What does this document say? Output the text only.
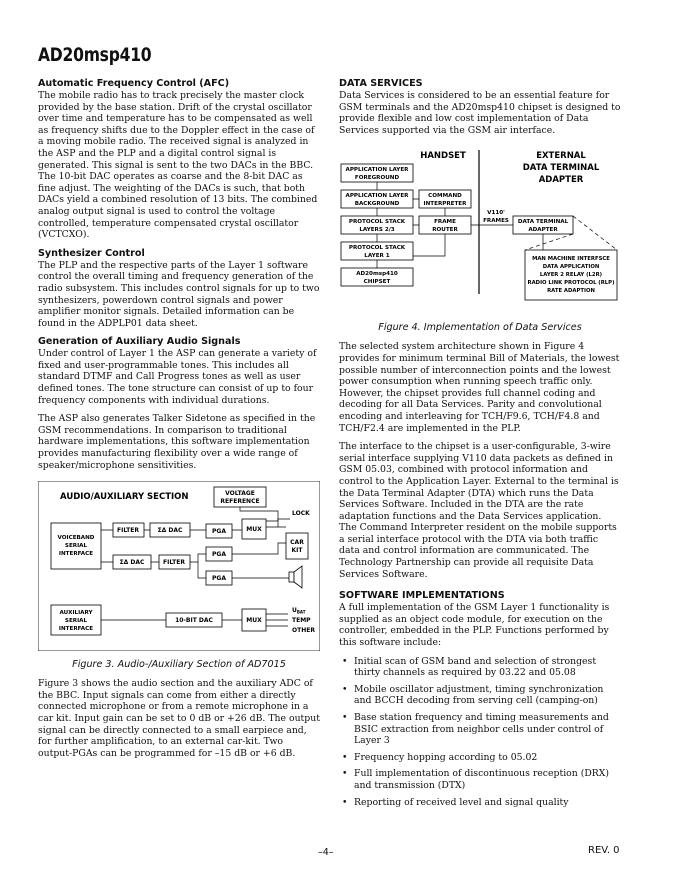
AD20msp410
Automatic Frequency Control (AFC)

The mobile radio has to track precisely the master clock provided by the base station. Drift of the crystal oscillator over time and temperature has to be compensated as well as frequency shifts due to the Doppler effect in the case of a moving mobile radio. The received signal is analyzed in the ASP and the PLP and a digital control signal is generated. This signal is sent to the two DACs in the BBC. The 10-bit DAC operates as coarse and the 8-bit DAC as fine adjust. The weighting of the DACs is such, that both DACs yield a combined resolution of 13 bits. The combined analog output signal is used to control the voltage controlled, temperature compensated crystal oscillator (VCTCXO).

Synthesizer Control

The PLP and the respective parts of the Layer 1 software control the overall timing and frequency generation of the radio subsystem. This includes control signals for up to two synthesizers, powerdown control signals and power amplifier monitor signals. Detailed information can be found in the ADPLP01 data sheet.

Generation of Auxiliary Audio Signals

Under control of Layer 1 the ASP can generate a variety of fixed and user-programmable tones. This includes all standard DTMF and Call Progress tones as well as user defined tones. The tone structure can consist of up to four frequency components with individual durations.

The ASP also generates Talker Sidetone as specified in the GSM recommendations. In comparison to traditional hardware implementations, this software implementation provides manufacturing flexibility over a wide range of speaker/microphone sensitivities.

AUDIO/AUXILIARY SECTION	VOLTAGE
REFERENCE
LOCK
VOICEBAND
SERIAL
INTERFACE
FILTER	ΣΔ DAC	PGA	MUX
ΣΔ DAC	FILTER
PGA
PGA
CAR
KIT
AUXILIARY
SERIAL
INTERFACE
10-BIT DAC	MUX
$U_{BAT}$
TEMP
OTHER
Figure 3. Audio-/Auxiliary Section of AD7015

Figure 3 shows the audio section and the auxiliary ADC of the BBC. Input signals can come from either a directly connected microphone or from a remote microphone in a car kit. Input gain can be set to 0 dB or +26 dB. The output signal can be directly connected to a small earpiece and, for further amplification, to an external car-kit. Two output-PGAs can be programmed for –15 dB or +6 dB.

DATA SERVICES

Data Services is considered to be an essential feature for GSM terminals and the AD20msp410 chipset is designed to provide flexible and low cost implementation of Data Services supported via the GSM air interface.

HANDSET	EXTERNAL
DATA TERMINAL
ADAPTER
APPLICATION LAYER
FOREGROUND
APPLICATION LAYER
BACKGROUND
COMMAND
INTERPRETER
PROTOCOL STACK
LAYERS 2/3
FRAME
ROUTER
V110'
FRAMES DATA TERMINAL
ADAPTER
PROTOCOL STACK
LAYER 1
AD20msp410
CHIPSET
MAN MACHINE INTERFSCE
DATA APPLICATION
LAYER 2 RELAY (L2R)
RADIO LINK PROTOCOL (RLP)
RATE ADAPTION
Figure 4. Implementation of Data Services

The selected system architecture shown in Figure 4 provides for minimum terminal Bill of Materials, the lowest possible number of interconnection points and the lowest power consumption when running speech traffic only. However, the chipset provides full channel coding and decoding for all Data Services. Parity and convolutional encoding and interleaving for TCH/F9.6, TCH/F4.8 and TCH/F2.4 are implemented in the PLP.

The interface to the chipset is a user-configurable, 3-wire serial interface supplying V110 data packets as defined in GSM 05.03, combined with protocol information and control to the Application Layer. External to the terminal is the Data Terminal Adapter (DTA) which runs the Data Services Software. Included in the DTA are the rate adaptation functions and the Data Services application. The Command Interpreter resident on the mobile supports a serial interface protocol with the DTA via both traffic data and control information are communicated. The Technology Partnership can provide all requisite Data Services Software.

SOFTWARE IMPLEMENTATIONS

A full implementation of the GSM Layer 1 functionality is supplied as an object code module, for execution on the controller, embedded in the PLP. Functions performed by this software include:

• Initial scan of GSM band and selection of strongest thirty channels as required by 03.22 and 05.08
• Mobile oscillator adjustment, timing synchronization and BCCH decoding from serving cell (camping-on)
• Base station frequency and timing measurements and BSIC extraction from neighbor cells under control of Layer 3
• Frequency hopping according to 05.02
• Full implementation of discontinuous reception (DRX) and transmission (DTX)
• Reporting of received level and signal quality
–4–	REV. 0
